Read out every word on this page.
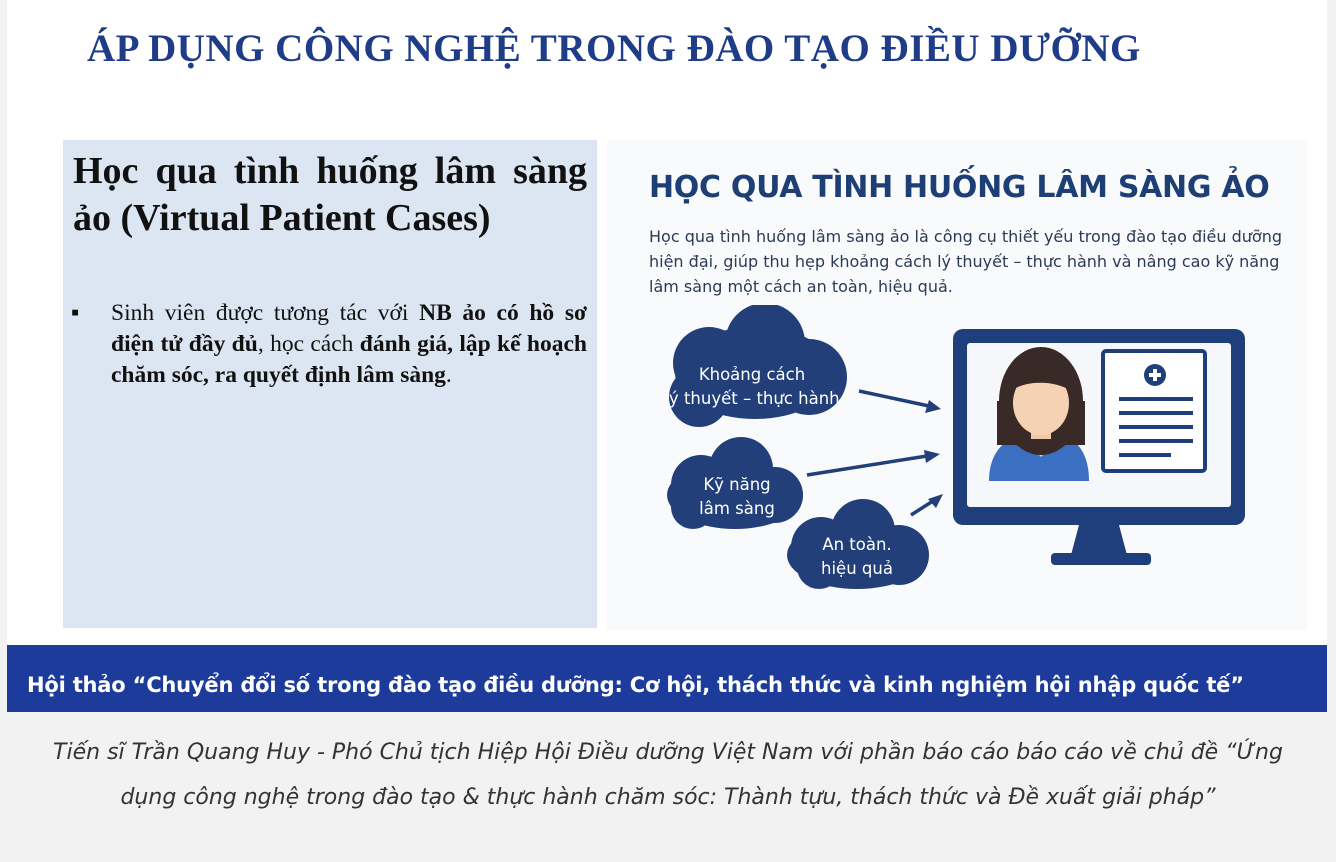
ÁP DỤNG CÔNG NGHỆ TRONG ĐÀO TẠO ĐIỀU DƯỠNG
Học qua tình huống lâm sàng ảo (Virtual Patient Cases)
▪ Sinh viên được tương tác với NB ảo có hồ sơ điện tử đầy đủ, học cách đánh giá, lập kế hoạch chăm sóc, ra quyết định lâm sàng.
HỌC QUA TÌNH HUỐNG LÂM SÀNG ẢO

Học qua tình huống lâm sàng ảo là công cụ thiết yếu trong đào tạo điều dưỡng hiện đại, giúp thu hẹp khoảng cách lý thuyết – thực hành và nâng cao kỹ năng lâm sàng một cách an toàn, hiệu quả.

Khoảng cách
lý thuyết – thực hành
Kỹ năng
lâm sàng
An toàn.
hiệu quả

Hội thảo “Chuyển đổi số trong đào tạo điều dưỡng: Cơ hội, thách thức và kinh nghiệm hội nhập quốc tế”

Tiến sĩ Trần Quang Huy - Phó Chủ tịch Hiệp Hội Điều dưỡng Việt Nam với phần báo cáo báo cáo về chủ đề “Ứng dụng công nghệ trong đào tạo & thực hành chăm sóc: Thành tựu, thách thức và Đề xuất giải pháp”
